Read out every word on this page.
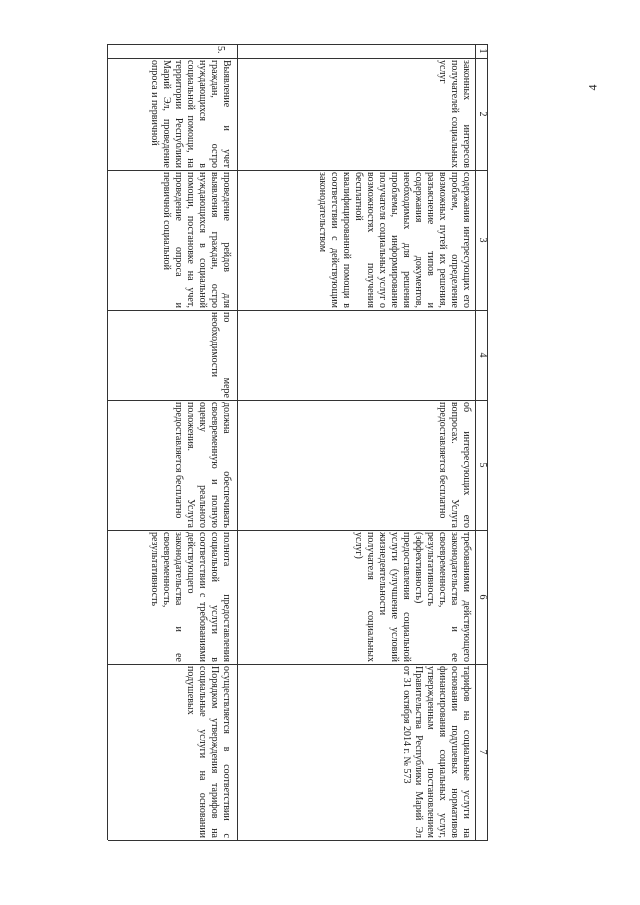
4
1
2
3
4
5
6
7
законных интересов получателей социальных услуг
содержания интересующих его проблем, определение возможных путей их решения, разъяснение типов и содержания документов, необходимых для решения проблемы, информирование получателя социальных услуг о возможностях получения бесплатной квалифицированной помощи в соответствии с действующим законодательством
об интересующих его вопросах. Услуга предоставляется бесплатно
требованиями действующего законодательства и ее своевременность, результативность (эффективность) предоставления социальной услуги (улучшение условий жизнедеятельности получателя социальных услуг)
тарифов на социальные услуги на основании подушевых нормативов финансирования социальных услуг, утвержденным постановлением Правительства Республики Марий Эл от 31 октября 2014 г. № 573
5.
Выявление и учет граждан, остро нуждающихся в социальной помощи, на территории Республики Марий Эл, проведение опроса и первичной
проведение рейдов для выявления граждан, остро нуждающихся в социальной помощи, постановке на учет, проведение опроса и первичной социальной
по мере необходимости
должна обеспечивать своевременную и полную оценку реального положения. Услуга предоставляется бесплатно
полнота предоставления социальной услуги в соответствии с требованиями действующего законодательства и ее своевременность, результативность
осуществляется в соответствии с Порядком утверждения тарифов на социальные услуги на основании подушевых
